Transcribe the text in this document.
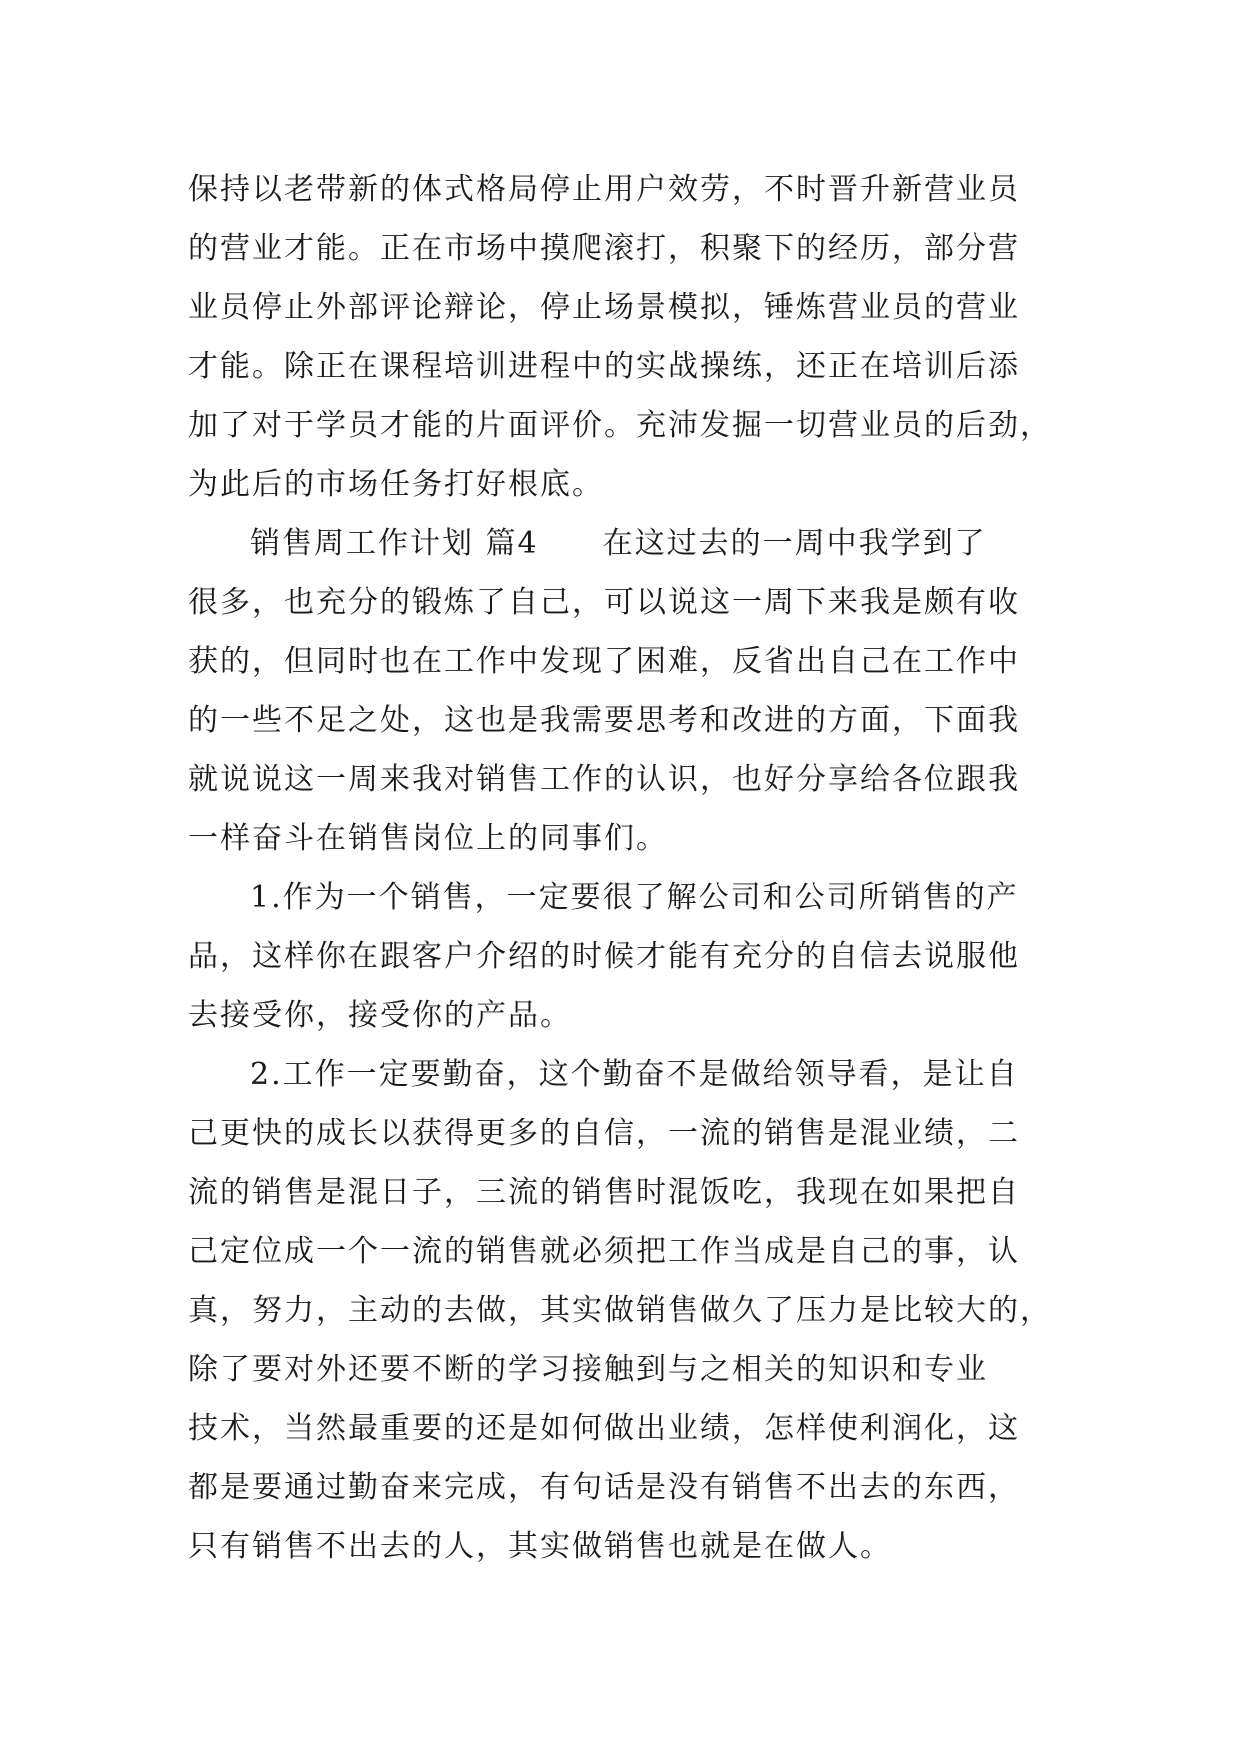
保持以老带新的体式格局停止用户效劳，不时晋升新营业员
的营业才能。正在市场中摸爬滚打，积聚下的经历，部分营
业员停止外部评论辩论，停止场景模拟，锤炼营业员的营业
才能。除正在课程培训进程中的实战操练，还正在培训后添
加了对于学员才能的片面评价。充沛发掘一切营业员的后劲，
为此后的市场任务打好根底。
销售周工作计划 篇4　　在这过去的一周中我学到了
很多，也充分的锻炼了自己，可以说这一周下来我是颇有收
获的，但同时也在工作中发现了困难，反省出自己在工作中
的一些不足之处，这也是我需要思考和改进的方面，下面我
就说说这一周来我对销售工作的认识，也好分享给各位跟我
一样奋斗在销售岗位上的同事们。
1.作为一个销售，一定要很了解公司和公司所销售的产
品，这样你在跟客户介绍的时候才能有充分的自信去说服他
去接受你，接受你的产品。
2.工作一定要勤奋，这个勤奋不是做给领导看，是让自
己更快的成长以获得更多的自信，一流的销售是混业绩，二
流的销售是混日子，三流的销售时混饭吃，我现在如果把自
己定位成一个一流的销售就必须把工作当成是自己的事，认
真，努力，主动的去做，其实做销售做久了压力是比较大的，
除了要对外还要不断的学习接触到与之相关的知识和专业
技术，当然最重要的还是如何做出业绩，怎样使利润化，这
都是要通过勤奋来完成，有句话是没有销售不出去的东西，
只有销售不出去的人，其实做销售也就是在做人。
